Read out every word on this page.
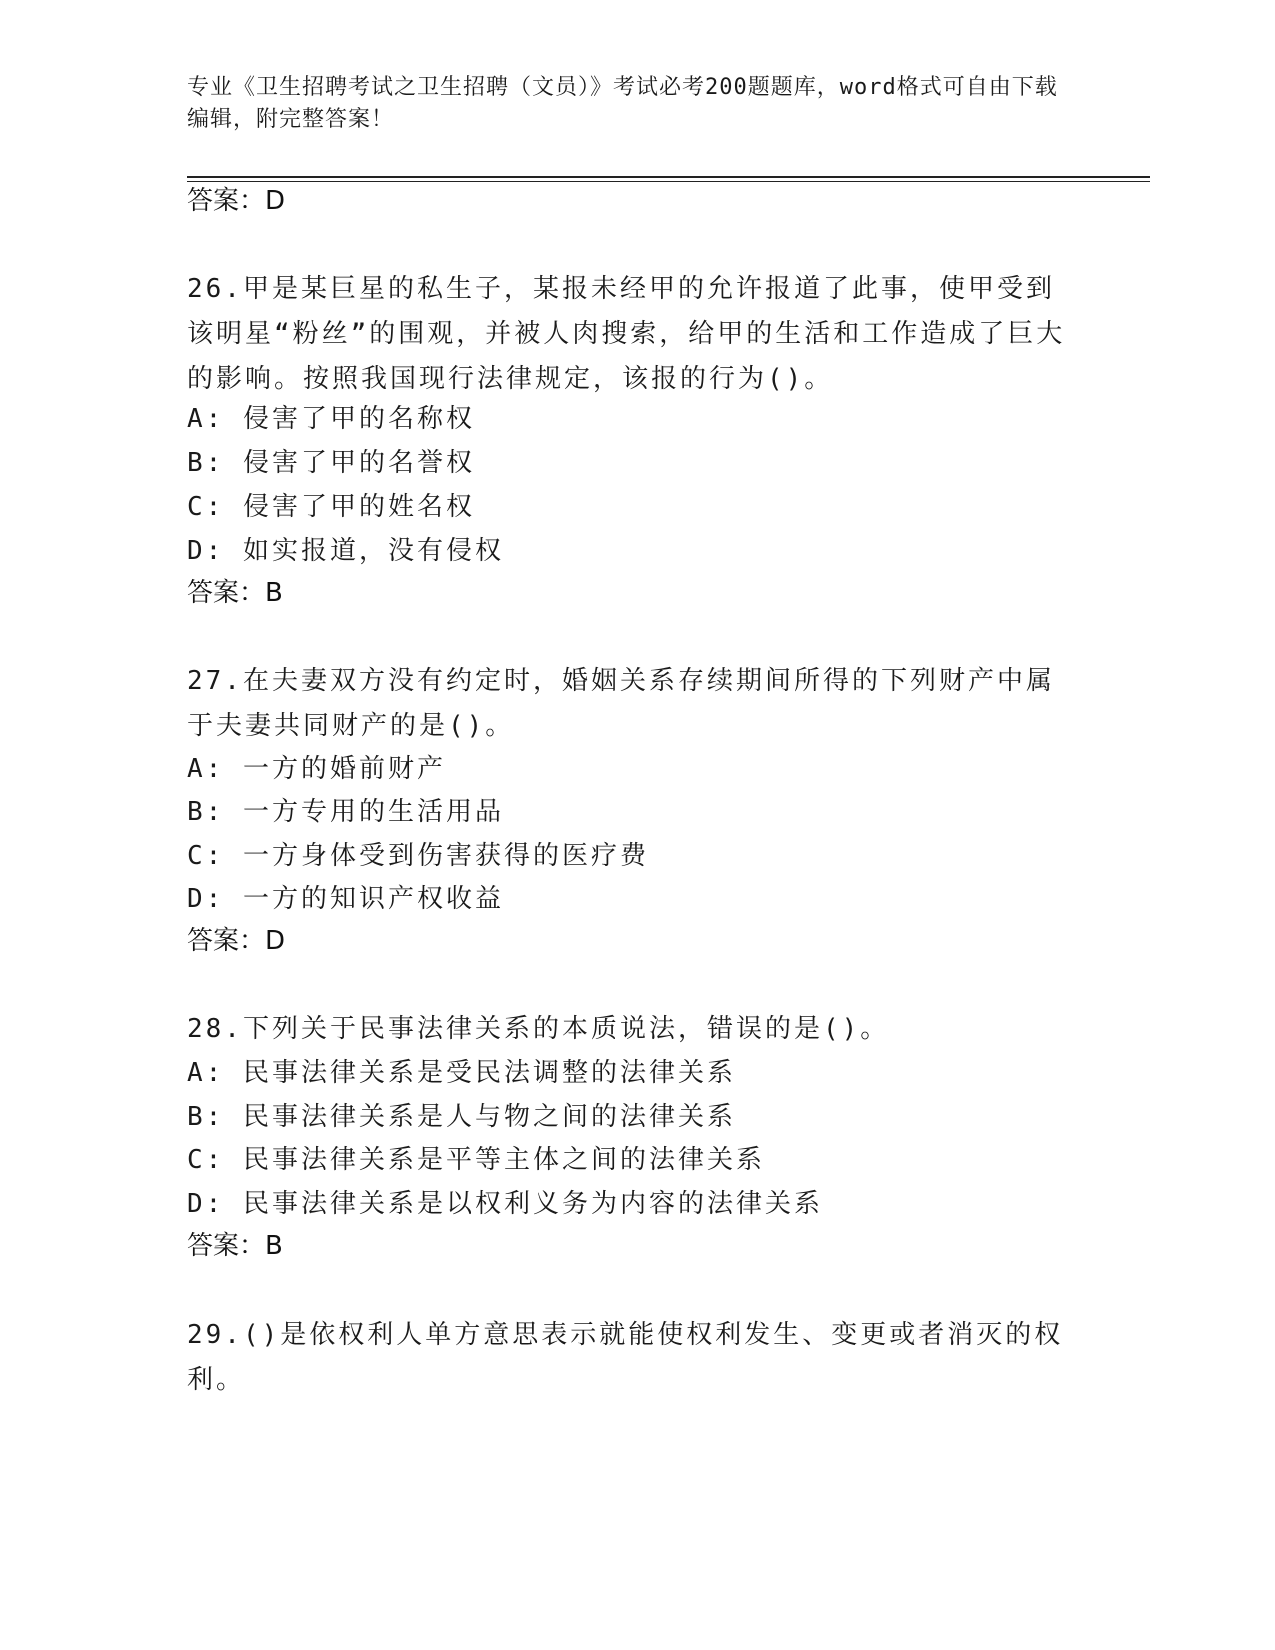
专业《卫生招聘考试之卫生招聘（文员）》考试必考200题题库，word格式可自由下载编辑，附完整答案！
答案：D
26.甲是某巨星的私生子，某报未经甲的允许报道了此事，使甲受到该明星“粉丝”的围观，并被人肉搜索，给甲的生活和工作造成了巨大的影响。按照我国现行法律规定，该报的行为()。
A: 侵害了甲的名称权
B: 侵害了甲的名誉权
C: 侵害了甲的姓名权
D: 如实报道，没有侵权
答案：B
27.在夫妻双方没有约定时，婚姻关系存续期间所得的下列财产中属于夫妻共同财产的是()。
A: 一方的婚前财产
B: 一方专用的生活用品
C: 一方身体受到伤害获得的医疗费
D: 一方的知识产权收益
答案：D
28.下列关于民事法律关系的本质说法，错误的是()。
A: 民事法律关系是受民法调整的法律关系
B: 民事法律关系是人与物之间的法律关系
C: 民事法律关系是平等主体之间的法律关系
D: 民事法律关系是以权利义务为内容的法律关系
答案：B
29.()是依权利人单方意思表示就能使权利发生、变更或者消灭的权利。
